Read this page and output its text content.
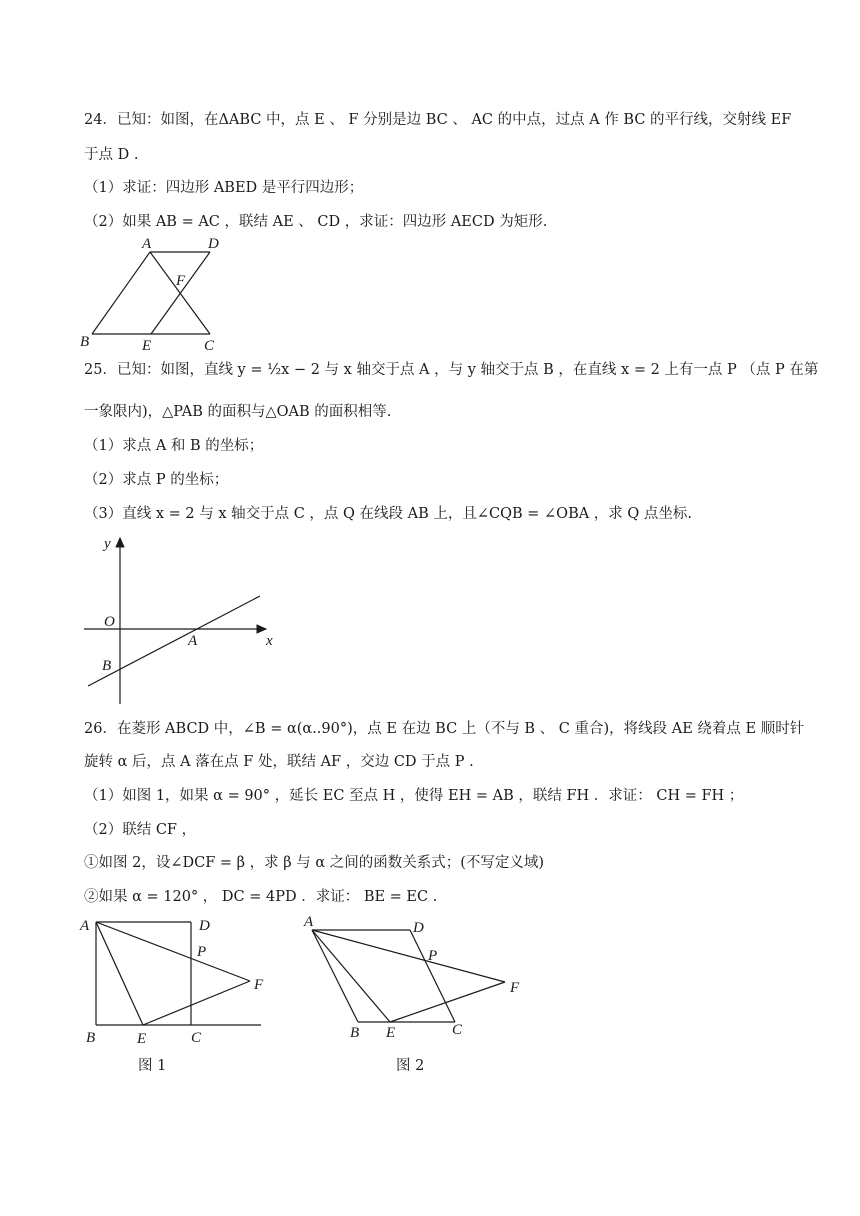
24．已知：如图，在ΔABC 中，点 E 、 F 分别是边 BC 、 AC 的中点，过点 A 作 BC 的平行线，交射线 EF
于点 D .
（1）求证：四边形 ABED 是平行四边形；
（2）如果 AB = AC ，联结 AE 、 CD ，求证：四边形 AECD 为矩形.
A	D
F
B	E	C
25．已知：如图，直线 y = ½x − 2 与 x 轴交于点 A ，与 y 轴交于点 B ，在直线 x = 2 上有一点 P （点 P 在第
一象限内)，△PAB 的面积与△OAB 的面积相等.
（1）求点 A 和 B 的坐标；
（2）求点 P 的坐标；
（3）直线 x = 2 与 x 轴交于点 C ，点 Q 在线段 AB 上，且∠CQB = ∠OBA ，求 Q 点坐标.
y
O
A	x
B
26．在菱形 ABCD 中，∠B = α(α..90°)，点 E 在边 BC 上（不与 B 、 C 重合)，将线段 AE 绕着点 E 顺时针
旋转 α 后，点 A 落在点 F 处，联结 AF ，交边 CD 于点 P .
（1）如图 1，如果 α = 90° ，延长 EC 至点 H ，使得 EH = AB ，联结 FH ．求证： CH = FH ；
（2）联结 CF ，
①如图 2，设∠DCF = β ，求 β 与 α 之间的函数关系式；(不写定义域)
②如果 α = 120° ， DC = 4PD ．求证： BE = EC .
A	D
P
F
B	E	C
图 1
A	D
P
F
B E	C
图 2
